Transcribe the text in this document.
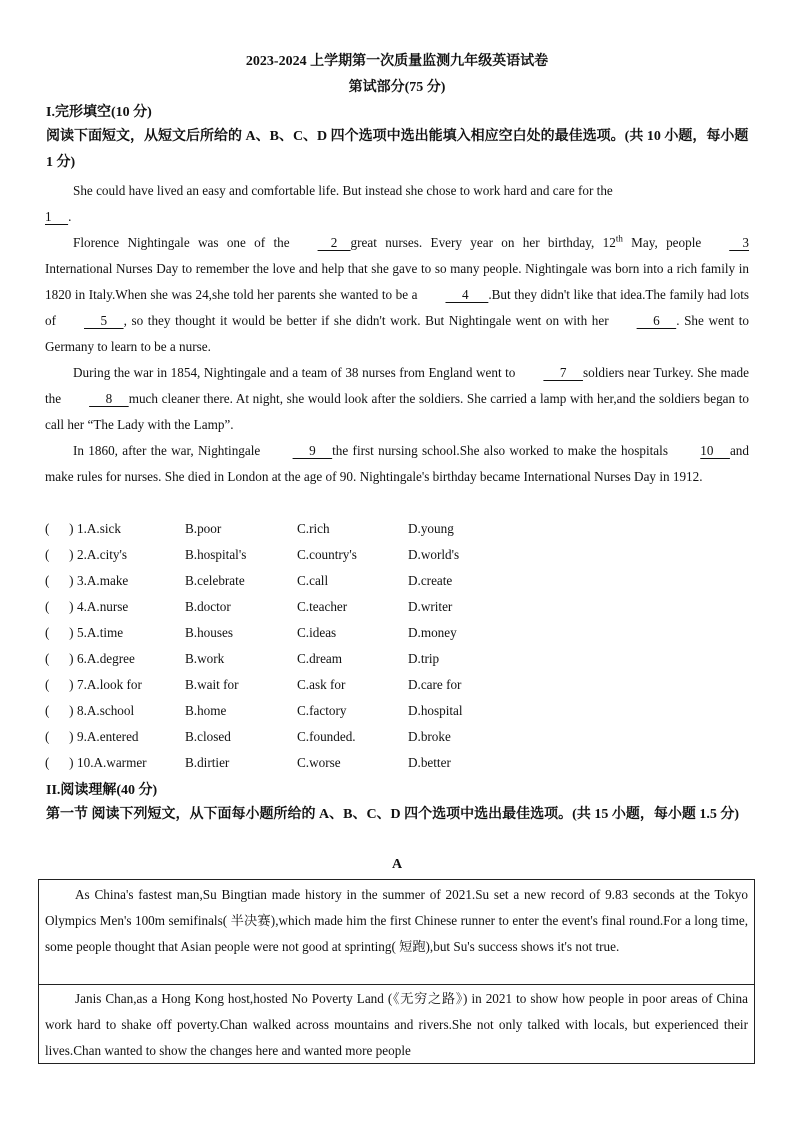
2023-2024 上学期第一次质量监测九年级英语试卷
第试部分(75 分)
I.完形填空(10 分)
阅读下面短文，从短文后所给的 A、B、C、D 四个选项中选出能填入相应空白处的最佳选项。(共 10 小题，每小题 1 分)

She could have lived an easy and comfortable life. But instead she chose to work hard and care for the
1     .

Florence Nightingale was one of the    2    great nurses. Every year on her birthday, 12th May, people    3 International Nurses Day to remember the love and help that she gave to so many people. Nightingale was born into a rich family in 1820 in Italy.When she was 24,she told her parents she wanted to be a     4      .But they didn't like that idea.The family had lots of     5     , so they thought it would be better if she didn't work. But Nightingale went on with her     6     . She went to Germany to learn to be a nurse.

During the war in 1854, Nightingale and a team of 38 nurses from England went to     7     soldiers near Turkey. She made the     8     much cleaner there. At night, she would look after the soldiers. She carried a lamp with her,and the soldiers began to call her “The Lady with the Lamp”.

In 1860, after the war, Nightingale      9     the first nursing school.She also worked to make the hospitals 10     and make rules for nurses. She died in London at the age of 90. Nightingale's birthday became International Nurses Day in 1912.

(      ) 1.A.sick	B.poor	C.rich	D.young
(      ) 2.A.city's	B.hospital's	C.country's	D.world's
(      ) 3.A.make	B.celebrate	C.call	D.create
(      ) 4.A.nurse	B.doctor	C.teacher	D.writer
(      ) 5.A.time	B.houses	C.ideas	D.money
(      ) 6.A.degree	B.work	C.dream	D.trip
(      ) 7.A.look for	B.wait for	C.ask for	D.care for
(      ) 8.A.school	B.home	C.factory	D.hospital
(      ) 9.A.entered	B.closed	C.founded.	D.broke
(      ) 10.A.warmer	B.dirtier	C.worse	D.better
II.阅读理解(40 分)
第一节 阅读下列短文，从下面每小题所给的 A、B、C、D 四个选项中选出最佳选项。(共 15 小题，每小题 1.5 分)
A

As China's fastest man,Su Bingtian made history in the summer of 2021.Su set a new record of 9.83 seconds at the Tokyo Olympics Men's 100m semifinals( 半决赛),which made him the first Chinese runner to enter the event's final round.For a long time, some people thought that Asian people were not good at sprinting( 短跑),but Su's success shows it's not true.

Janis Chan,as a Hong Kong host,hosted No Poverty Land (《无穷之路》) in 2021 to show how people in poor areas of China work hard to shake off poverty.Chan walked across mountains and rivers.She not only talked with locals, but experienced their lives.Chan wanted to show the changes here and wanted more people
